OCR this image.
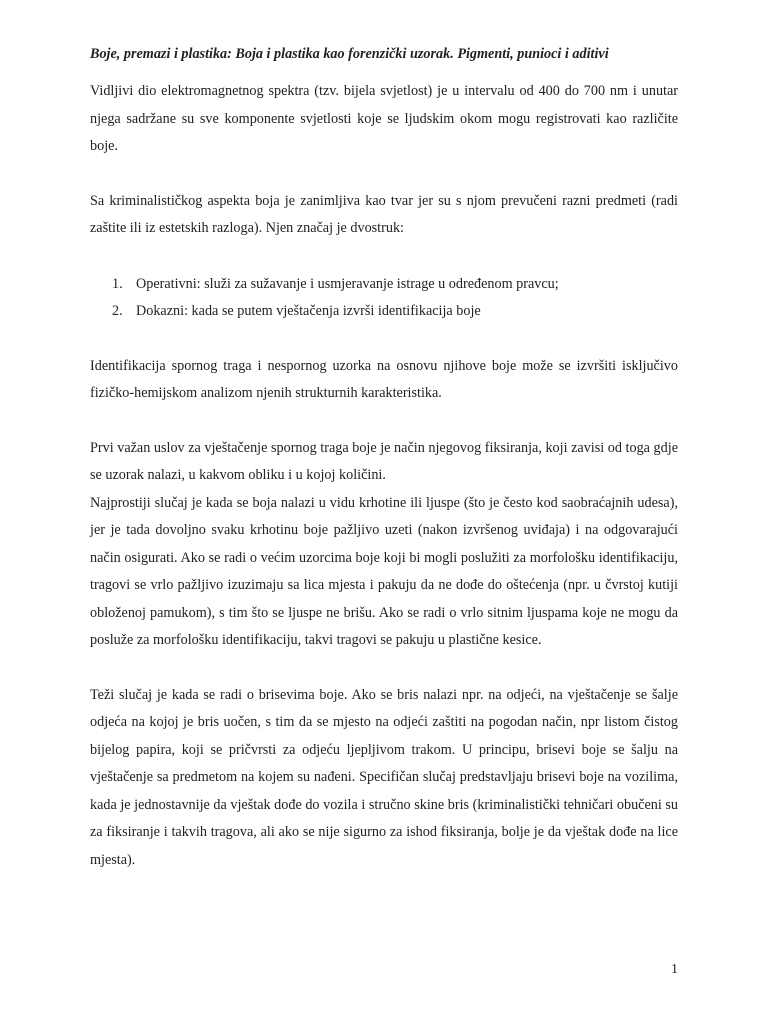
Boje, premazi i plastika: Boja i plastika kao forenzički uzorak. Pigmenti, punioci i aditivi

Vidljivi dio elektromagnetnog spektra (tzv. bijela svjetlost) je u intervalu od 400 do 700 nm i unutar njega sadržane su sve komponente svjetlosti koje se ljudskim okom mogu registrovati kao različite boje.

Sa kriminalističkog aspekta boja je zanimljiva kao tvar jer su s njom prevučeni razni predmeti (radi zaštite ili iz estetskih razloga). Njen značaj je dvostruk:

1. Operativni: služi za sužavanje i usmjeravanje istrage u određenom pravcu;
2. Dokazni: kada se putem vještačenja izvrši identifikacija boje

Identifikacija spornog traga i nespornog uzorka na osnovu njihove boje može se izvršiti isključivo fizičko-hemijskom analizom njenih strukturnih karakteristika.

Prvi važan uslov za vještačenje spornog traga boje je način njegovog fiksiranja, koji zavisi od toga gdje se uzorak nalazi, u kakvom obliku i u kojoj količini.

Najprostiji slučaj je kada se boja nalazi u vidu krhotine ili ljuspe (što je često kod saobraćajnih udesa), jer je tada dovoljno svaku krhotinu boje pažljivo uzeti (nakon izvršenog uviđaja) i na odgovarajući način osigurati. Ako se radi o većim uzorcima boje koji bi mogli poslužiti za morfološku identifikaciju, tragovi se vrlo pažljivo izuzimaju sa lica mjesta i pakuju da ne dođe do oštećenja (npr. u čvrstoj kutiji obloženoj pamukom), s tim što se ljuspe ne brišu. Ako se radi o vrlo sitnim ljuspama koje ne mogu da posluže za morfološku identifikaciju, takvi tragovi se pakuju u plastične kesice.

Teži slučaj je kada se radi o brisevima boje. Ako se bris nalazi npr. na odjeći, na vještačenje se šalje odjeća na kojoj je bris uočen, s tim da se mjesto na odjeći zaštiti na pogodan način, npr listom čistog bijelog papira, koji se pričvrsti za odjeću ljepljivom trakom. U principu, brisevi boje se šalju na vještačenje sa predmetom na kojem su nađeni. Specifičan slučaj predstavljaju brisevi boje na vozilima, kada je jednostavnije da vještak dođe do vozila i stručno skine bris (kriminalistički tehničari obučeni su za fiksiranje i takvih tragova, ali ako se nije sigurno za ishod fiksiranja, bolje je da vještak dođe na lice mjesta).

1
